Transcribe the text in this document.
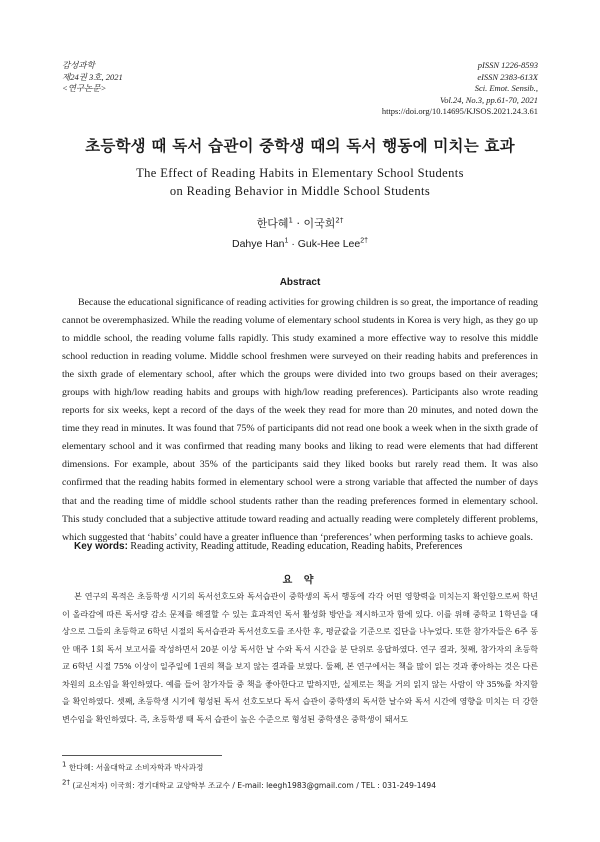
감성과학
제24권 3호, 2021
<연구논문>
pISSN 1226-8593
eISSN 2383-613X
Sci. Emot. Sensib.,
Vol.24, No.3, pp.61-70, 2021
https://doi.org/10.14695/KJSOS.2021.24.3.61
초등학생 때 독서 습관이 중학생 때의 독서 행동에 미치는 효과
The Effect of Reading Habits in Elementary School Students
on Reading Behavior in Middle School Students
한다혜$^1$ · 이국희$^{2\dagger}$
Dahye Han$^1$ · Guk-Hee Lee$^{2\dagger}$
Abstract

Because the educational significance of reading activities for growing children is so great, the importance of reading cannot be overemphasized. While the reading volume of elementary school students in Korea is very high, as they go up to middle school, the reading volume falls rapidly. This study examined a more effective way to resolve this middle school reduction in reading volume. Middle school freshmen were surveyed on their reading habits and preferences in the sixth grade of elementary school, after which the groups were divided into two groups based on their averages; groups with high/low reading habits and groups with high/low reading preferences). Participants also wrote reading reports for six weeks, kept a record of the days of the week they read for more than 20 minutes, and noted down the time they read in minutes. It was found that 75% of participants did not read one book a week when in the sixth grade of elementary school and it was confirmed that reading many books and liking to read were elements that had different dimensions. For example, about 35% of the participants said they liked books but rarely read them. It was also confirmed that the reading habits formed in elementary school were a strong variable that affected the number of days that and the reading time of middle school students rather than the reading preferences formed in elementary school. This study concluded that a subjective attitude toward reading and actually reading were completely different problems, which suggested that ‘habits’ could have a greater influence than ‘preferences’ when performing tasks to achieve goals.

Key words: Reading activity, Reading attitude, Reading education, Reading habits, Preferences
요 약

본 연구의 목적은 초등학생 시기의 독서선호도와 독서습관이 중학생의 독서 행동에 각각 어떤 영향력을 미치는지 확인함으로써 학년이 올라감에 따른 독서량 감소 문제를 해결할 수 있는 효과적인 독서 활성화 방안을 제시하고자 함에 있다. 이를 위해 중학교 1학년을 대상으로 그들의 초등학교 6학년 시절의 독서습관과 독서선호도를 조사한 후, 평균값을 기준으로 집단을 나누었다. 또한 참가자들은 6주 동안 매주 1회 독서 보고서를 작성하면서 20분 이상 독서한 날 수와 독서 시간을 분 단위로 응답하였다. 연구 결과, 첫째, 참가자의 초등학교 6학년 시절 75% 이상이 일주일에 1권의 책을 보지 않는 결과를 보였다. 둘째, 본 연구에서는 책을 많이 읽는 것과 좋아하는 것은 다른 차원의 요소임을 확인하였다. 예를 들어 참가자들 중 책을 좋아한다고 말하지만, 실제로는 책을 거의 읽지 않는 사람이 약 35%를 차지함을 확인하였다. 셋째, 초등학생 시기에 형성된 독서 선호도보다 독서 습관이 중학생의 독서한 날수와 독서 시간에 영향을 미치는 더 강한 변수임을 확인하였다. 즉, 초등학생 때 독서 습관이 높은 수준으로 형성된 중학생은 중학생이 돼서도

$^1$ 한다혜: 서울대학교 소비자학과 박사과정
$^{2\dagger}$ (교신저자) 이국희: 경기대학교 교양학부 조교수 / E-mail: leegh1983@gmail.com / TEL : 031-249-1494
